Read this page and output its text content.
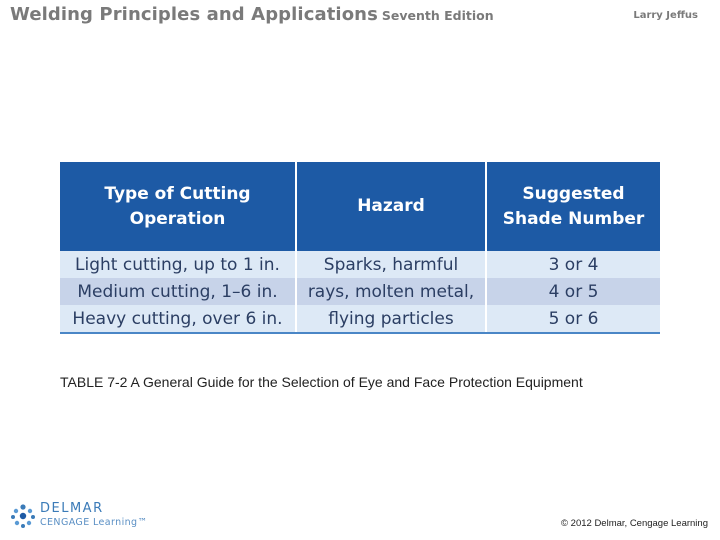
Welding Principles and Applications Seventh Edition	Larry Jeffus
Type of Cutting Operation	Hazard	Suggested Shade Number
Light cutting, up to 1 in.	Sparks, harmful	3 or 4
Medium cutting, 1–6 in.	rays, molten metal,	4 or 5
Heavy cutting, over 6 in.	flying particles	5 or 6
TABLE 7-2 A General Guide for the Selection of Eye and Face Protection Equipment
DELMAR
CENGAGE Learning™	© 2012 Delmar, Cengage Learning
